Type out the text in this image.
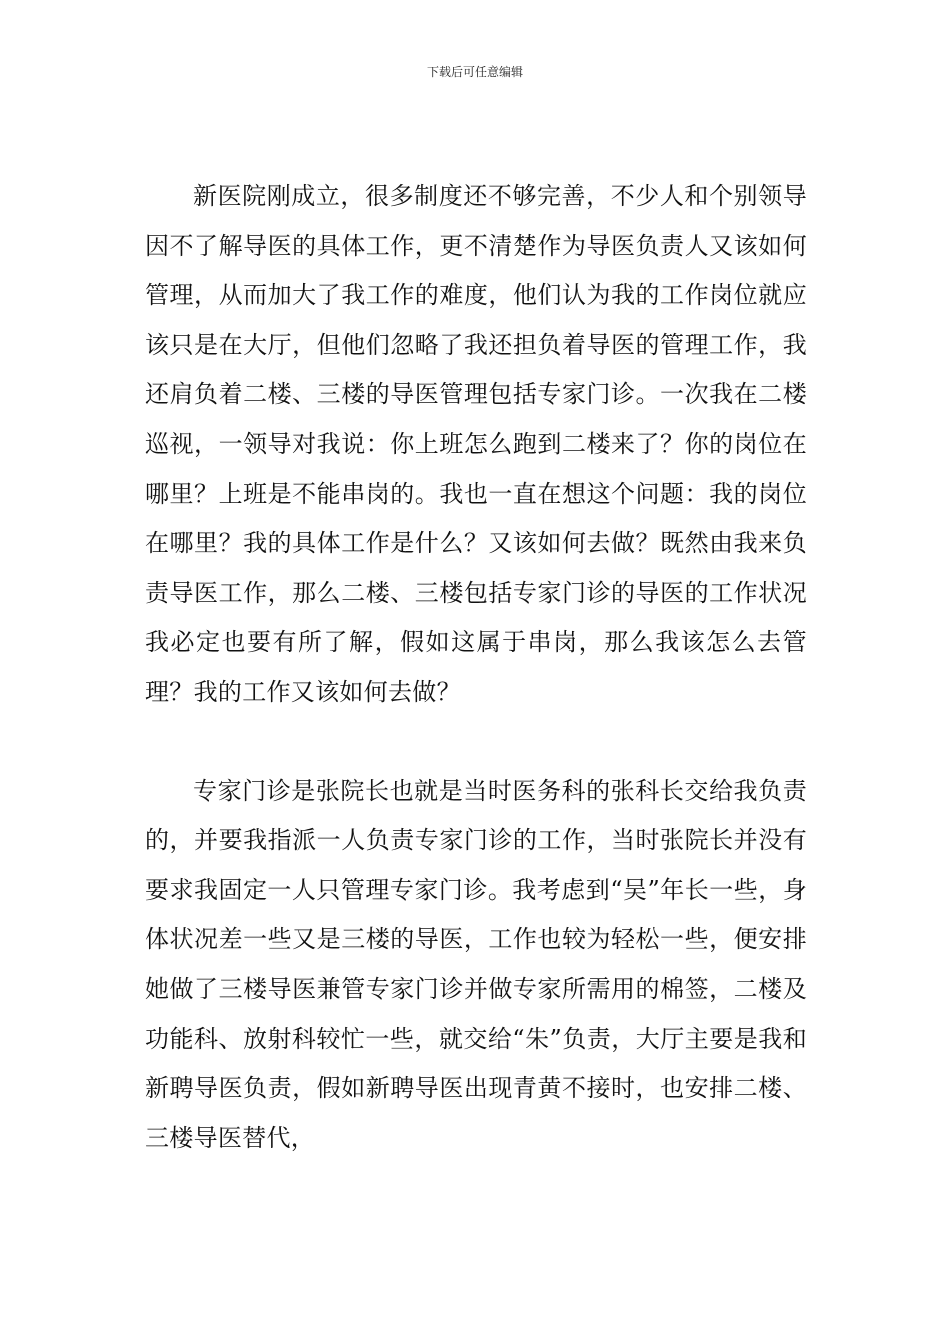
下载后可任意编辑

新医院刚成立，很多制度还不够完善，不少人和个别领导因不了解导医的具体工作，更不清楚作为导医负责人又该如何管理，从而加大了我工作的难度，他们认为我的工作岗位就应该只是在大厅，但他们忽略了我还担负着导医的管理工作，我还肩负着二楼、三楼的导医管理包括专家门诊。一次我在二楼巡视，一领导对我说：你上班怎么跑到二楼来了？你的岗位在哪里？上班是不能串岗的。我也一直在想这个问题：我的岗位在哪里？我的具体工作是什么？又该如何去做？既然由我来负责导医工作，那么二楼、三楼包括专家门诊的导医的工作状况我必定也要有所了解，假如这属于串岗，那么我该怎么去管理？我的工作又该如何去做？

专家门诊是张院长也就是当时医务科的张科长交给我负责的，并要我指派一人负责专家门诊的工作，当时张院长并没有要求我固定一人只管理专家门诊。我考虑到“吴”年长一些，身体状况差一些又是三楼的导医，工作也较为轻松一些，便安排她做了三楼导医兼管专家门诊并做专家所需用的棉签，二楼及功能科、放射科较忙一些，就交给“朱”负责，大厅主要是我和新聘导医负责，假如新聘导医出现青黄不接时，也安排二楼、三楼导医替代，
